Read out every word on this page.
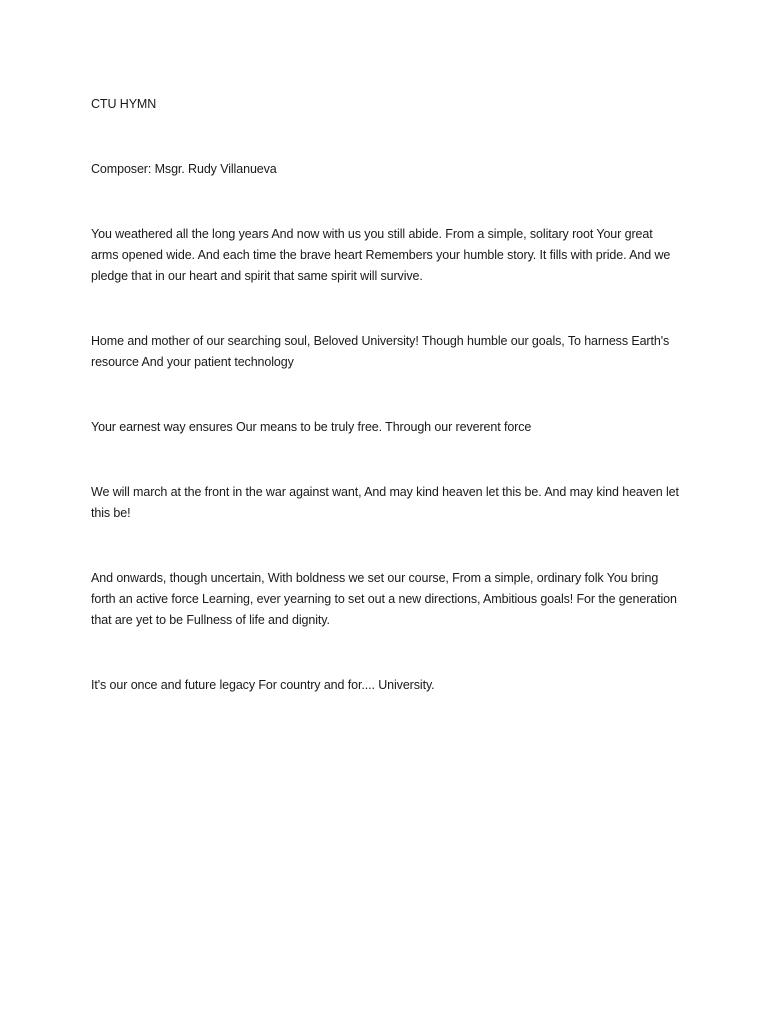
CTU HYMN

Composer: Msgr. Rudy Villanueva

You weathered all the long years And now with us you still abide. From a simple, solitary root Your great arms opened wide. And each time the brave heart Remembers your humble story. It fills with pride. And we pledge that in our heart and spirit that same spirit will survive.

Home and mother of our searching soul, Beloved University! Though humble our goals, To harness Earth's resource And your patient technology

Your earnest way ensures Our means to be truly free. Through our reverent force

We will march at the front in the war against want, And may kind heaven let this be. And may kind heaven let this be!

And onwards, though uncertain, With boldness we set our course, From a simple, ordinary folk You bring forth an active force Learning, ever yearning to set out a new directions, Ambitious goals! For the generation that are yet to be Fullness of life and dignity.

It's our once and future legacy For country and for.... University.
